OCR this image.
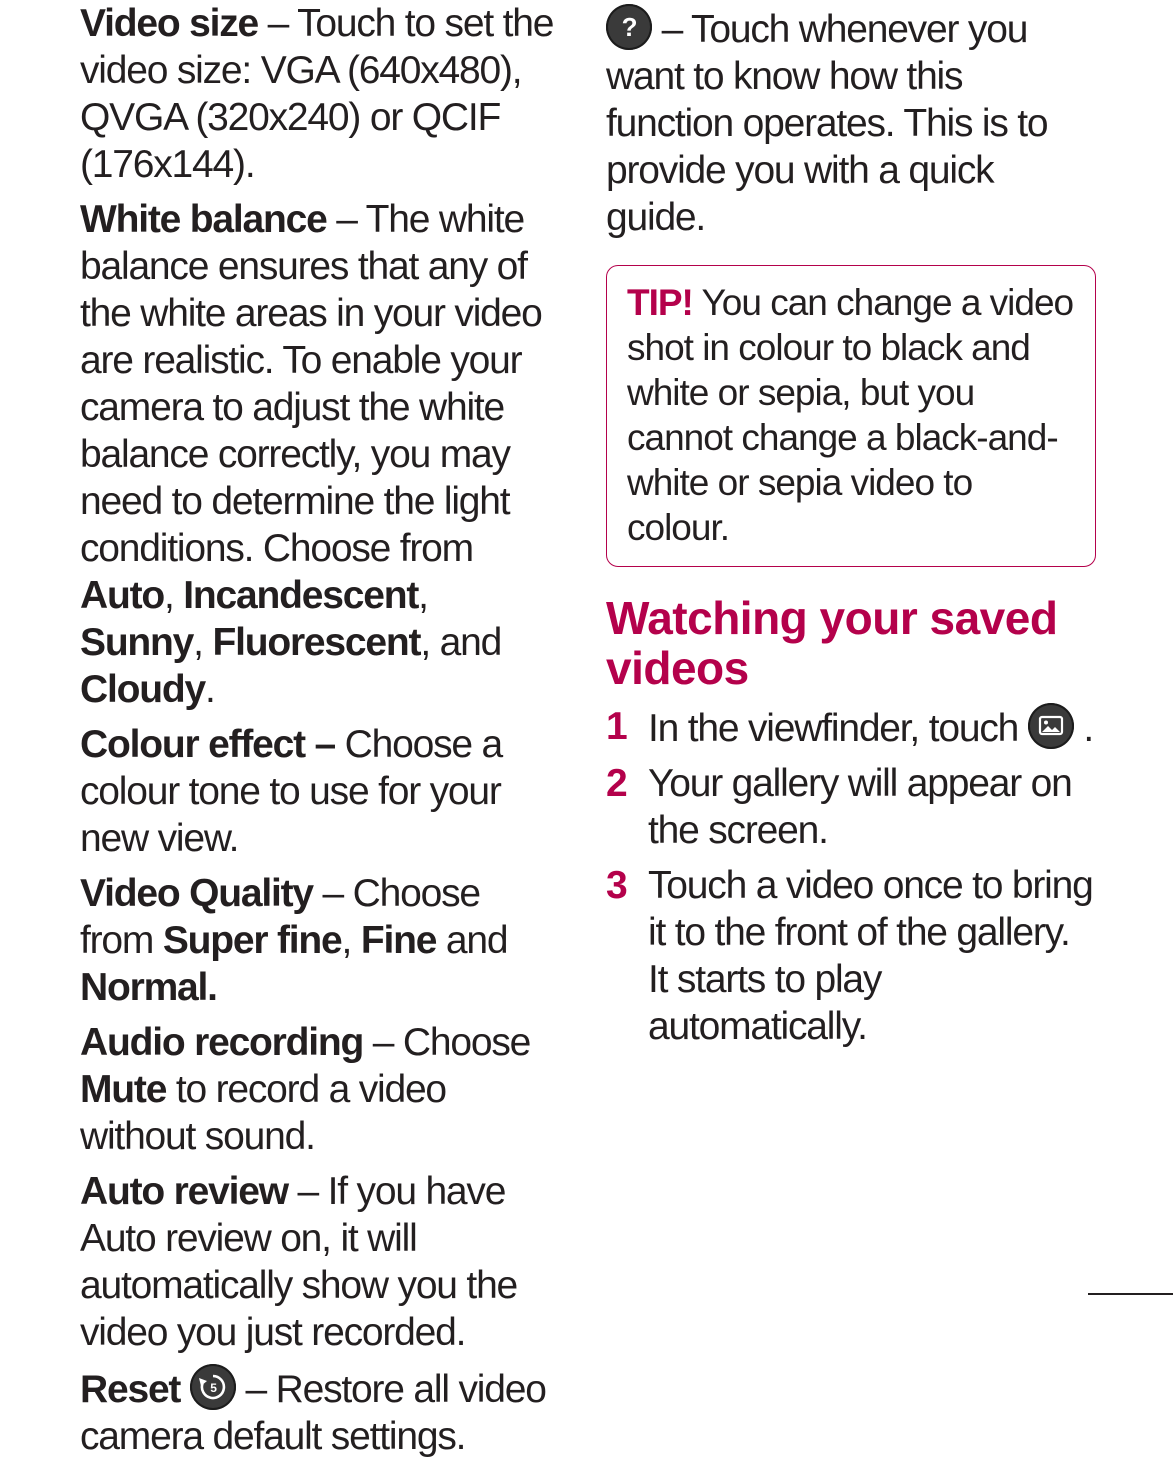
Video size – Touch to set the video size: VGA (640x480), QVGA (320x240) or QCIF (176x144).

White balance – The white balance ensures that any of the white areas in your video are realistic. To enable your camera to adjust the white balance correctly, you may need to determine the light conditions. Choose from Auto, Incandescent, Sunny, Fluorescent, and Cloudy.

Colour effect – Choose a colour tone to use for your new view.

Video Quality – Choose from Super fine, Fine and Normal.

Audio recording – Choose Mute to record a video without sound.

Auto review – If you have Auto review on, it will automatically show you the video you just recorded.

Reset 5 – Restore all video camera default settings.

? – Touch whenever you want to know how this function operates. This is to provide you with a quick guide.

TIP! You can change a video shot in colour to black and white or sepia, but you cannot change a black-and-white or sepia video to colour.

Watching your saved videos
1 In the viewfinder, touch
.
2 Your gallery will appear on the screen.
3 Touch a video once to bring it to the front of the gallery. It starts to play automatically.
